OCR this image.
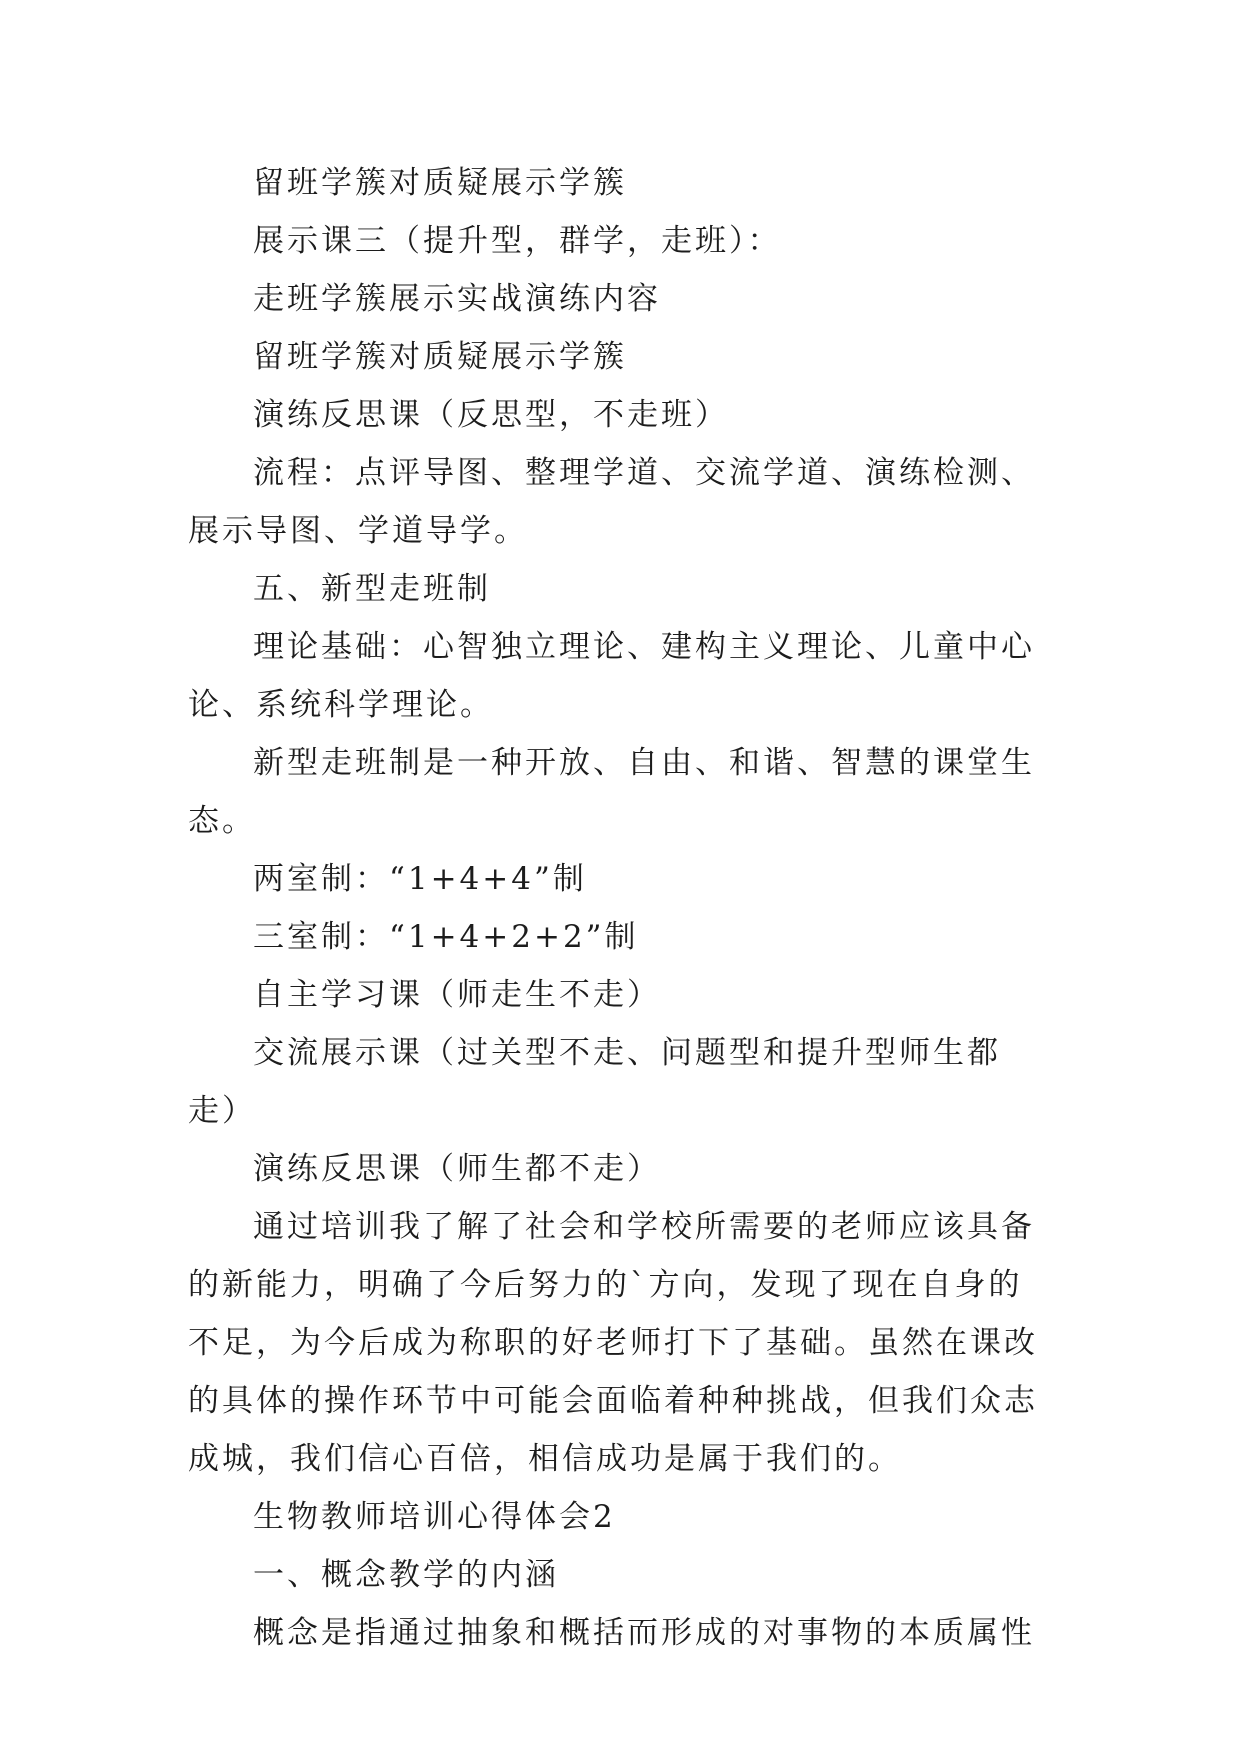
留班学簇对质疑展示学簇

展示课三（提升型，群学，走班）：

走班学簇展示实战演练内容

留班学簇对质疑展示学簇

演练反思课（反思型，不走班）

流程：点评导图、整理学道、交流学道、演练检测、展示导图、学道导学。

五、新型走班制

理论基础：心智独立理论、建构主义理论、儿童中心论、系统科学理论。

新型走班制是一种开放、自由、和谐、智慧的课堂生态。

两室制：“1+4+4”制

三室制：“1+4+2+2”制

自主学习课（师走生不走）

交流展示课（过关型不走、问题型和提升型师生都走）

演练反思课（师生都不走）

通过培训我了解了社会和学校所需要的老师应该具备的新能力，明确了今后努力的`方向，发现了现在自身的不足，为今后成为称职的好老师打下了基础。虽然在课改的具体的操作环节中可能会面临着种种挑战，但我们众志成城，我们信心百倍，相信成功是属于我们的。

生物教师培训心得体会2

一、概念教学的内涵

概念是指通过抽象和概括而形成的对事物的本质属性
